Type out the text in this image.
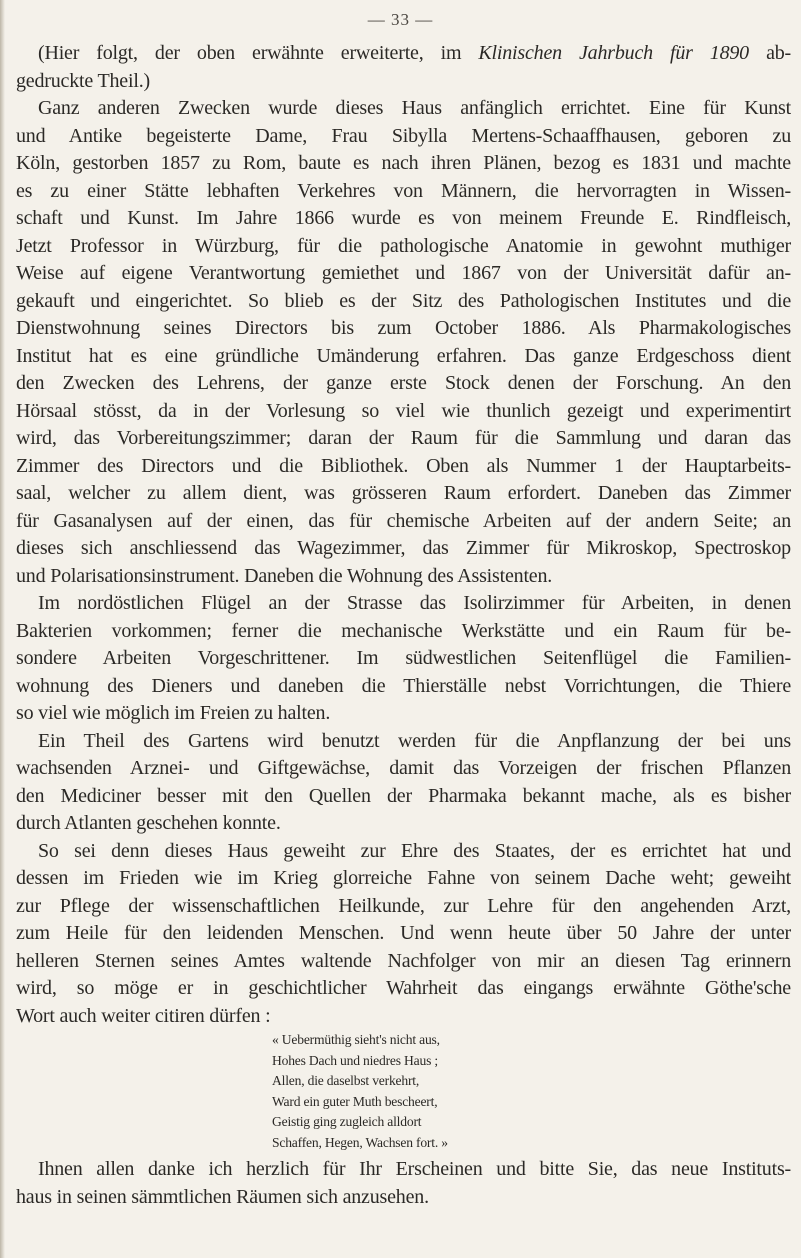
— 33 —
(Hier folgt, der oben erwähnte erweiterte, im Klinischen Jahrbuch für 1890 ab-
gedruckte Theil.)
Ganz anderen Zwecken wurde dieses Haus anfänglich errichtet. Eine für Kunst
und Antike begeisterte Dame, Frau Sibylla Mertens-Schaaffhausen, geboren zu
Köln, gestorben 1857 zu Rom, baute es nach ihren Plänen, bezog es 1831 und machte
es zu einer Stätte lebhaften Verkehres von Männern, die hervorragten in Wissen-
schaft und Kunst. Im Jahre 1866 wurde es von meinem Freunde E. Rindfleisch,
Jetzt Professor in Würzburg, für die pathologische Anatomie in gewohnt muthiger
Weise auf eigene Verantwortung gemiethet und 1867 von der Universität dafür an-
gekauft und eingerichtet. So blieb es der Sitz des Pathologischen Institutes und die
Dienstwohnung seines Directors bis zum October 1886. Als Pharmakologisches
Institut hat es eine gründliche Umänderung erfahren. Das ganze Erdgeschoss dient
den Zwecken des Lehrens, der ganze erste Stock denen der Forschung. An den
Hörsaal stösst, da in der Vorlesung so viel wie thunlich gezeigt und experimentirt
wird, das Vorbereitungszimmer; daran der Raum für die Sammlung und daran das
Zimmer des Directors und die Bibliothek. Oben als Nummer 1 der Hauptarbeits-
saal, welcher zu allem dient, was grösseren Raum erfordert. Daneben das Zimmer
für Gasanalysen auf der einen, das für chemische Arbeiten auf der andern Seite; an
dieses sich anschliessend das Wagezimmer, das Zimmer für Mikroskop, Spectroskop
und Polarisationsinstrument. Daneben die Wohnung des Assistenten.
Im nordöstlichen Flügel an der Strasse das Isolirzimmer für Arbeiten, in denen
Bakterien vorkommen; ferner die mechanische Werkstätte und ein Raum für be-
sondere Arbeiten Vorgeschrittener. Im südwestlichen Seitenflügel die Familien-
wohnung des Dieners und daneben die Thierställe nebst Vorrichtungen, die Thiere
so viel wie möglich im Freien zu halten.
Ein Theil des Gartens wird benutzt werden für die Anpflanzung der bei uns
wachsenden Arznei- und Giftgewächse, damit das Vorzeigen der frischen Pflanzen
den Mediciner besser mit den Quellen der Pharmaka bekannt mache, als es bisher
durch Atlanten geschehen konnte.
So sei denn dieses Haus geweiht zur Ehre des Staates, der es errichtet hat und
dessen im Frieden wie im Krieg glorreiche Fahne von seinem Dache weht; geweiht
zur Pflege der wissenschaftlichen Heilkunde, zur Lehre für den angehenden Arzt,
zum Heile für den leidenden Menschen. Und wenn heute über 50 Jahre der unter
helleren Sternen seines Amtes waltende Nachfolger von mir an diesen Tag erinnern
wird, so möge er in geschichtlicher Wahrheit das eingangs erwähnte Göthe'sche
Wort auch weiter citiren dürfen :
« Uebermüthig sieht's nicht aus,
Hohes Dach und niedres Haus ;
Allen, die daselbst verkehrt,
Ward ein guter Muth bescheert,
Geistig ging zugleich alldort
Schaffen, Hegen, Wachsen fort. »
Ihnen allen danke ich herzlich für Ihr Erscheinen und bitte Sie, das neue Instituts-
haus in seinen sämmtlichen Räumen sich anzusehen.
